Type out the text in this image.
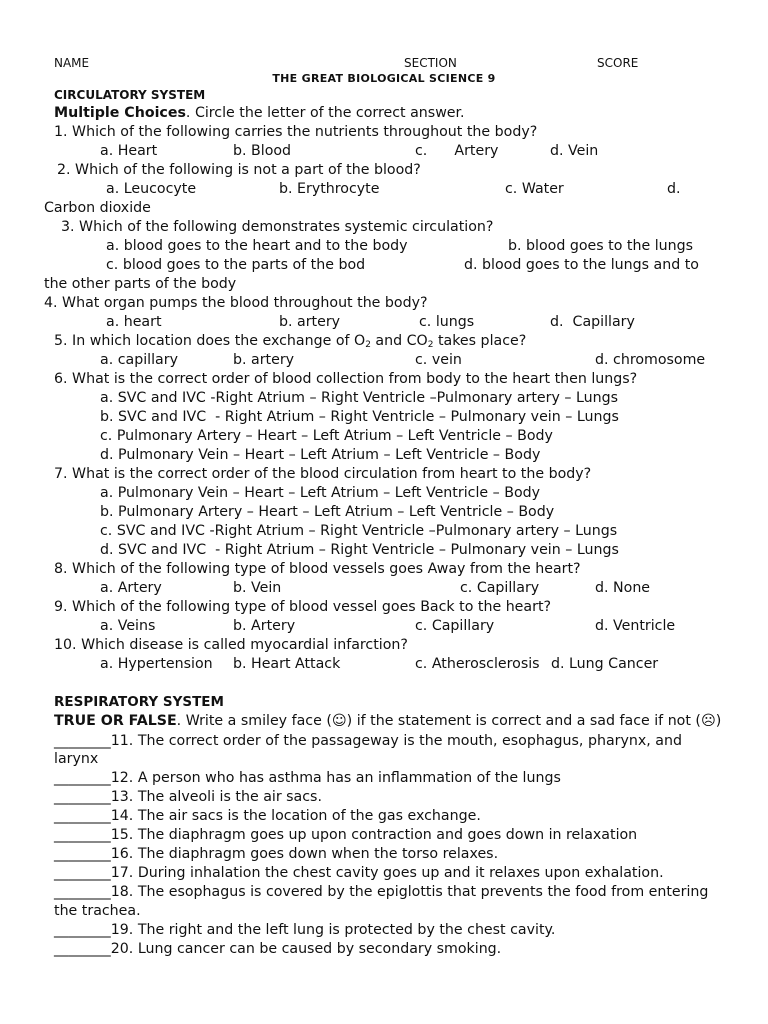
NAME	SECTION	SCORE
THE GREAT BIOLOGICAL SCIENCE 9
CIRCULATORY SYSTEM
Multiple Choices. Circle the letter of the correct answer.
1. Which of the following carries the nutrients throughout the body?
a. Heart	b. Blood	c.      Artery	d. Vein
2. Which of the following is not a part of the blood?
a. Leucocyte	b. Erythrocyte	c. Water	d.
Carbon dioxide
3. Which of the following demonstrates systemic circulation?
a. blood goes to the heart and to the body	b. blood goes to the lungs
c. blood goes to the parts of the bod	d. blood goes to the lungs and to
the other parts of the body
4. What organ pumps the blood throughout the body?
a. heart	b. artery	c. lungs	d.  Capillary
5. In which location does the exchange of $O_2$ and $CO_2$ takes place?
a. capillary	b. artery	c. vein	d. chromosome
6. What is the correct order of blood collection from body to the heart then lungs?
a. SVC and IVC -Right Atrium – Right Ventricle –Pulmonary artery – Lungs
b. SVC and IVC  - Right Atrium – Right Ventricle – Pulmonary vein – Lungs
c. Pulmonary Artery – Heart – Left Atrium – Left Ventricle – Body
d. Pulmonary Vein – Heart – Left Atrium – Left Ventricle – Body
7. What is the correct order of the blood circulation from heart to the body?
a. Pulmonary Vein – Heart – Left Atrium – Left Ventricle – Body
b. Pulmonary Artery – Heart – Left Atrium – Left Ventricle – Body
c. SVC and IVC -Right Atrium – Right Ventricle –Pulmonary artery – Lungs
d. SVC and IVC  - Right Atrium – Right Ventricle – Pulmonary vein – Lungs
8. Which of the following type of blood vessels goes Away from the heart?
a. Artery	b. Vein	c. Capillary	d. None
9. Which of the following type of blood vessel goes Back to the heart?
a. Veins	b. Artery	c. Capillary	d. Ventricle
10. Which disease is called myocardial infarction?
a. Hypertension b. Heart Attack	c. Atherosclerosis d. Lung Cancer
RESPIRATORY SYSTEM
TRUE OR FALSE. Write a smiley face (☺) if the statement is correct and a sad face if not (☹)
________11. The correct order of the passageway is the mouth, esophagus, pharynx, and
larynx
________12. A person who has asthma has an inflammation of the lungs
________13. The alveoli is the air sacs.
________14. The air sacs is the location of the gas exchange.
________15. The diaphragm goes up upon contraction and goes down in relaxation
________16. The diaphragm goes down when the torso relaxes.
________17. During inhalation the chest cavity goes up and it relaxes upon exhalation.
________18. The esophagus is covered by the epiglottis that prevents the food from entering
the trachea.
________19. The right and the left lung is protected by the chest cavity.
________20. Lung cancer can be caused by secondary smoking.
